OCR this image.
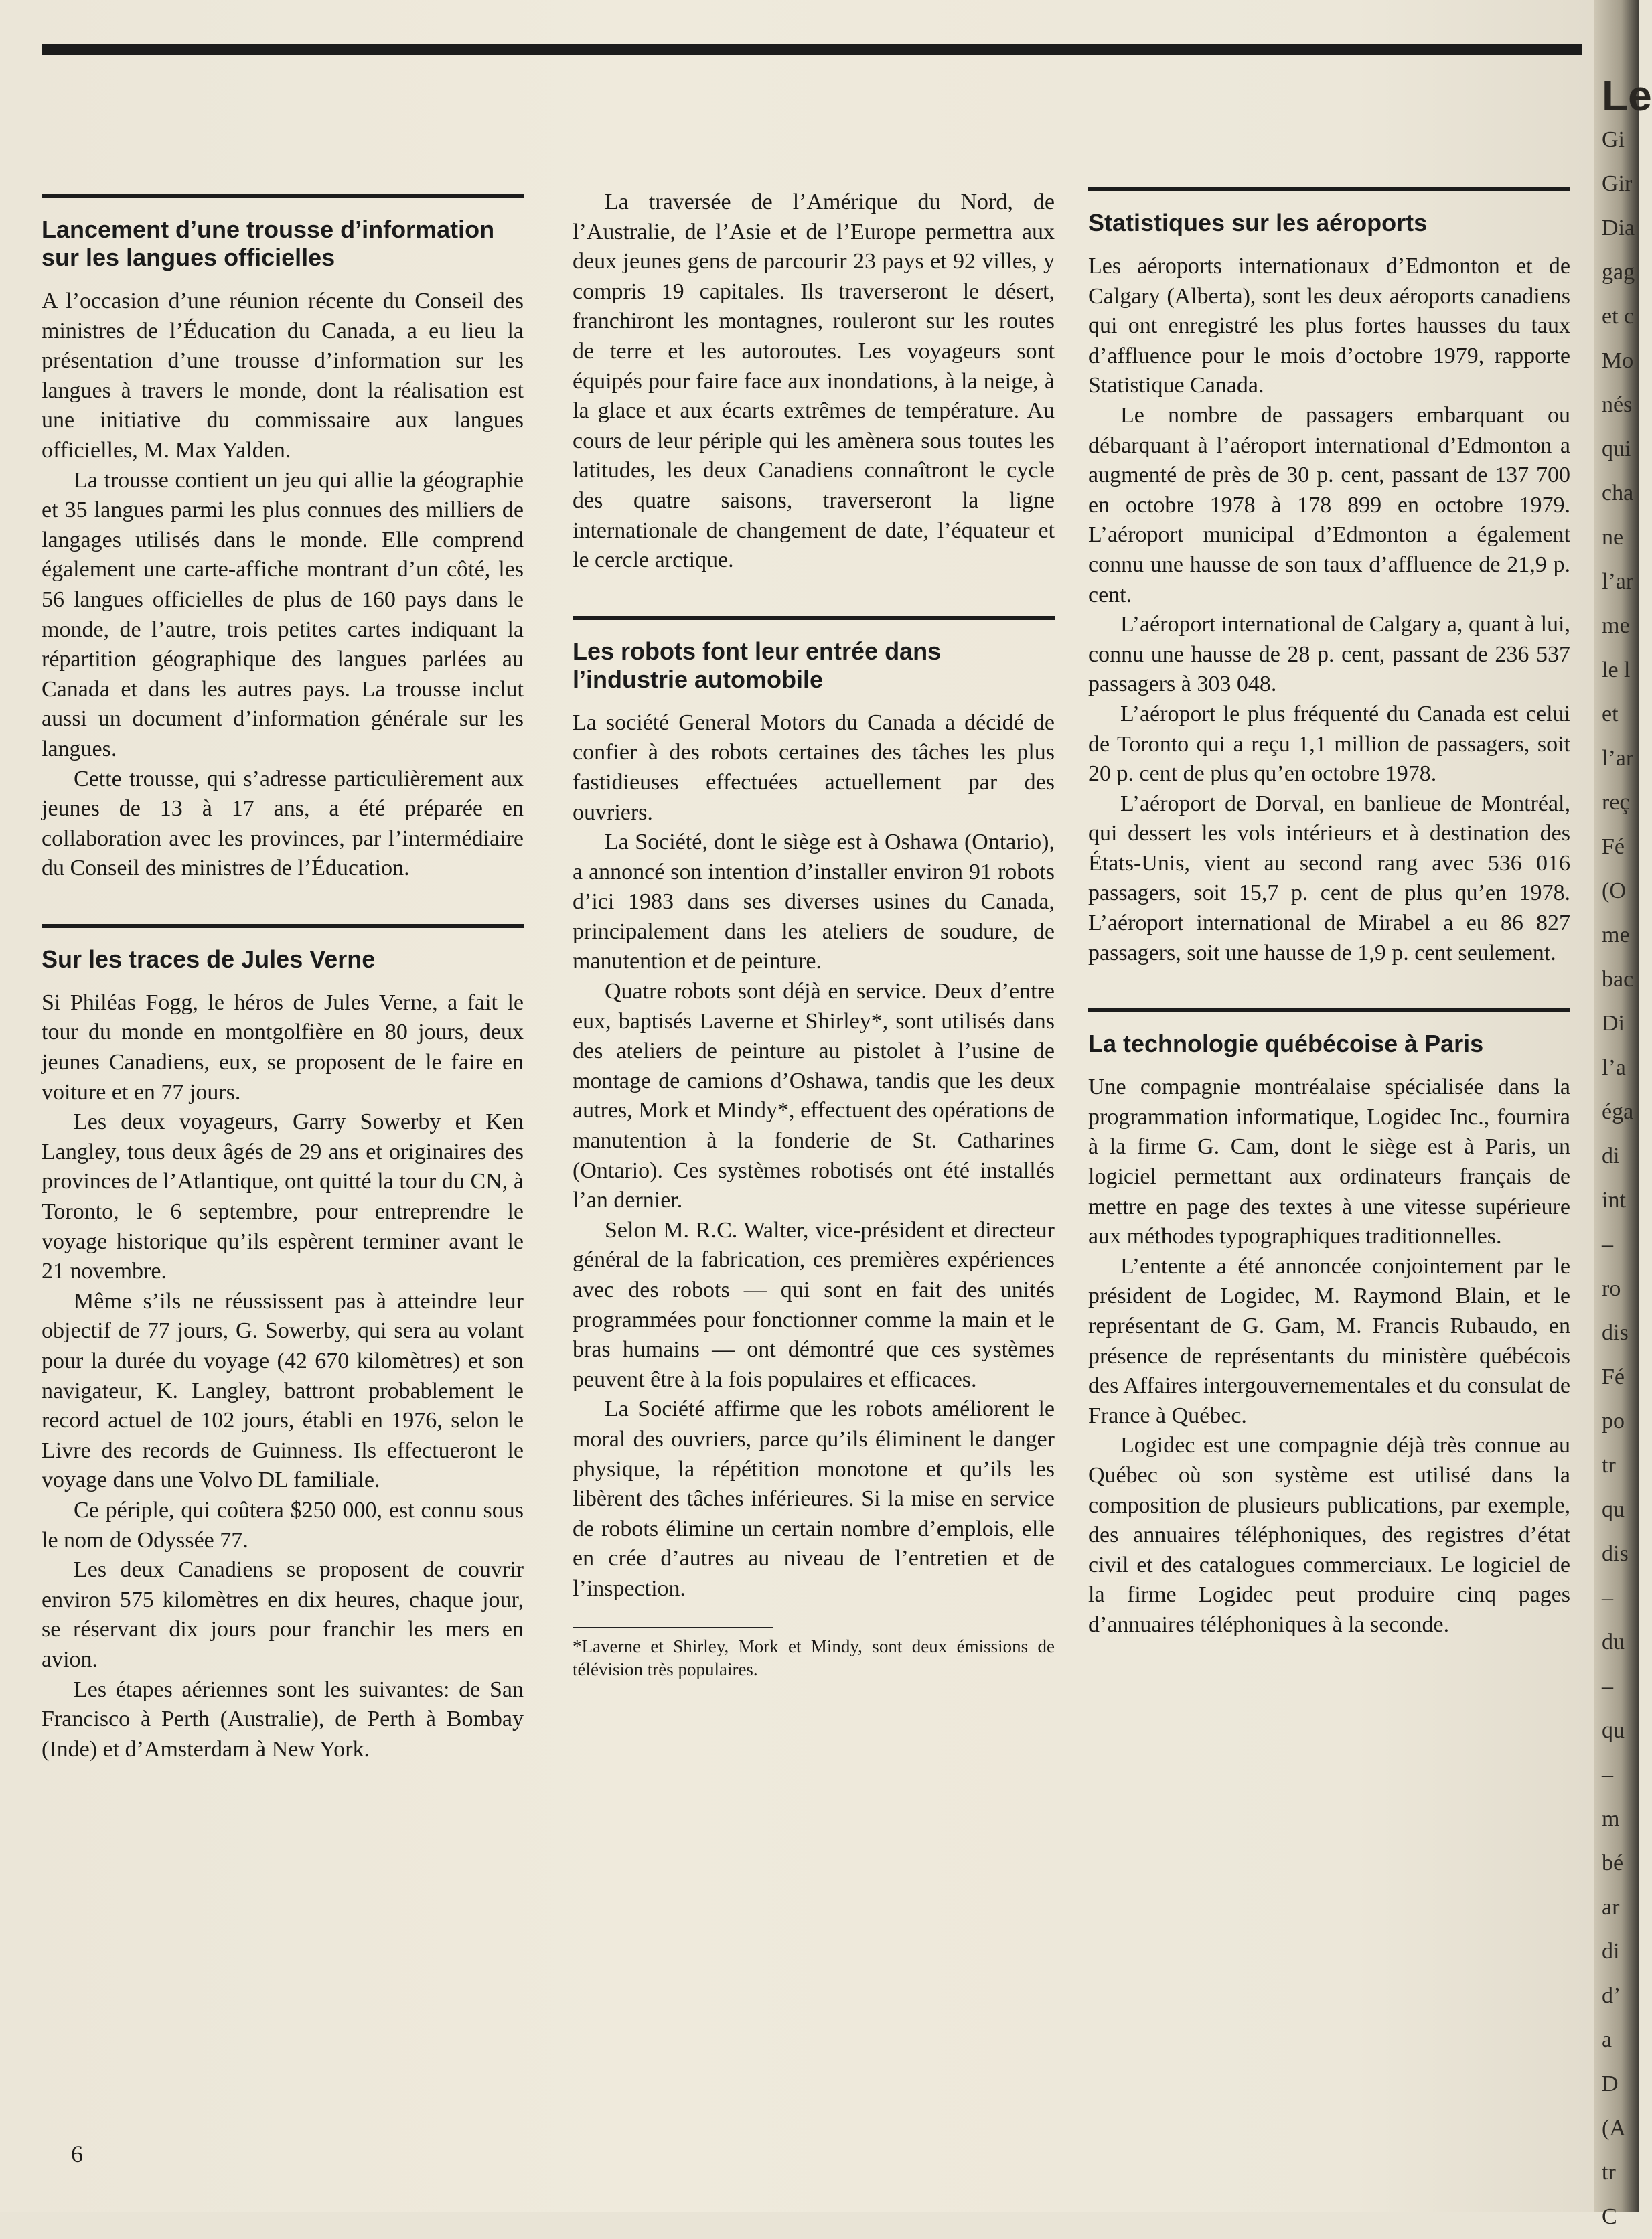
Lancement d’une trousse d’information sur les langues officielles

A l’occasion d’une réunion récente du Conseil des ministres de l’Éducation du Canada, a eu lieu la présentation d’une trousse d’information sur les langues à travers le monde, dont la réalisation est une initiative du commissaire aux langues officielles, M. Max Yalden.

La trousse contient un jeu qui allie la géographie et 35 langues parmi les plus connues des milliers de langages utilisés dans le monde. Elle comprend également une carte-affiche montrant d’un côté, les 56 langues officielles de plus de 160 pays dans le monde, de l’autre, trois petites cartes indiquant la répartition géographique des langues parlées au Canada et dans les autres pays. La trousse inclut aussi un document d’information générale sur les langues.

Cette trousse, qui s’adresse particulièrement aux jeunes de 13 à 17 ans, a été préparée en collaboration avec les provinces, par l’intermédiaire du Conseil des ministres de l’Éducation.

Sur les traces de Jules Verne

Si Philéas Fogg, le héros de Jules Verne, a fait le tour du monde en montgolfière en 80 jours, deux jeunes Canadiens, eux, se proposent de le faire en voiture et en 77 jours.

Les deux voyageurs, Garry Sowerby et Ken Langley, tous deux âgés de 29 ans et originaires des provinces de l’Atlantique, ont quitté la tour du CN, à Toronto, le 6 septembre, pour entreprendre le voyage historique qu’ils espèrent terminer avant le 21 novembre.

Même s’ils ne réussissent pas à atteindre leur objectif de 77 jours, G. Sowerby, qui sera au volant pour la durée du voyage (42 670 kilomètres) et son navigateur, K. Langley, battront probablement le record actuel de 102 jours, établi en 1976, selon le Livre des records de Guinness. Ils effectueront le voyage dans une Volvo DL familiale.

Ce périple, qui coûtera $250 000, est connu sous le nom de Odyssée 77.

Les deux Canadiens se proposent de couvrir environ 575 kilomètres en dix heures, chaque jour, se réservant dix jours pour franchir les mers en avion.

Les étapes aériennes sont les suivantes: de San Francisco à Perth (Australie), de Perth à Bombay (Inde) et d’Amsterdam à New York.

La traversée de l’Amérique du Nord, de l’Australie, de l’Asie et de l’Europe permettra aux deux jeunes gens de parcourir 23 pays et 92 villes, y compris 19 capitales. Ils traverseront le désert, franchiront les montagnes, rouleront sur les routes de terre et les autoroutes. Les voyageurs sont équipés pour faire face aux inondations, à la neige, à la glace et aux écarts extrêmes de température. Au cours de leur périple qui les amènera sous toutes les latitudes, les deux Canadiens connaîtront le cycle des quatre saisons, traverseront la ligne internationale de changement de date, l’équateur et le cercle arctique.

Les robots font leur entrée dans l’industrie automobile

La société General Motors du Canada a décidé de confier à des robots certaines des tâches les plus fastidieuses effectuées actuellement par des ouvriers.

La Société, dont le siège est à Oshawa (Ontario), a annoncé son intention d’installer environ 91 robots d’ici 1983 dans ses diverses usines du Canada, principalement dans les ateliers de soudure, de manutention et de peinture.

Quatre robots sont déjà en service. Deux d’entre eux, baptisés Laverne et Shirley*, sont utilisés dans des ateliers de peinture au pistolet à l’usine de montage de camions d’Oshawa, tandis que les deux autres, Mork et Mindy*, effectuent des opérations de manutention à la fonderie de St. Catharines (Ontario). Ces systèmes robotisés ont été installés l’an dernier.

Selon M. R.C. Walter, vice-président et directeur général de la fabrication, ces premières expériences avec des robots — qui sont en fait des unités programmées pour fonctionner comme la main et le bras humains — ont démontré que ces systèmes peuvent être à la fois populaires et efficaces.

La Société affirme que les robots améliorent le moral des ouvriers, parce qu’ils éliminent le danger physique, la répétition monotone et qu’ils les libèrent des tâches inférieures. Si la mise en service de robots élimine un certain nombre d’emplois, elle en crée d’autres au niveau de l’entretien et de l’inspection.

*Laverne et Shirley, Mork et Mindy, sont deux émissions de télévision très populaires.

Statistiques sur les aéroports

Les aéroports internationaux d’Edmonton et de Calgary (Alberta), sont les deux aéroports canadiens qui ont enregistré les plus fortes hausses du taux d’affluence pour le mois d’octobre 1979, rapporte Statistique Canada.

Le nombre de passagers embarquant ou débarquant à l’aéroport international d’Edmonton a augmenté de près de 30 p. cent, passant de 137 700 en octobre 1978 à 178 899 en octobre 1979. L’aéroport municipal d’Edmonton a également connu une hausse de son taux d’affluence de 21,9 p. cent.

L’aéroport international de Calgary a, quant à lui, connu une hausse de 28 p. cent, passant de 236 537 passagers à 303 048.

L’aéroport le plus fréquenté du Canada est celui de Toronto qui a reçu 1,1 million de passagers, soit 20 p. cent de plus qu’en octobre 1978.

L’aéroport de Dorval, en banlieue de Montréal, qui dessert les vols intérieurs et à destination des États-Unis, vient au second rang avec 536 016 passagers, soit 15,7 p. cent de plus qu’en 1978. L’aéroport international de Mirabel a eu 86 827 passagers, soit une hausse de 1,9 p. cent seulement.

La technologie québécoise à Paris

Une compagnie montréalaise spécialisée dans la programmation informatique, Logidec Inc., fournira à la firme G. Cam, dont le siège est à Paris, un logiciel permettant aux ordinateurs français de mettre en page des textes à une vitesse supérieure aux méthodes typographiques traditionnelles.

L’entente a été annoncée conjointement par le président de Logidec, M. Raymond Blain, et le représentant de G. Gam, M. Francis Rubaudo, en présence de représentants du ministère québécois des Affaires intergouvernementales et du consulat de France à Québec.

Logidec est une compagnie déjà très connue au Québec où son système est utilisé dans la composition de plusieurs publications, par exemple, des annuaires téléphoniques, des registres d’état civil et des catalogues commerciaux. Le logiciel de la firme Logidec peut produire cinq pages d’annuaires téléphoniques à la seconde.

6
Le
Gi
Gir
Dia
gag
et c
Mo
nés
qui
cha
ne
l’ar
me
le l
et
l’ar
reç
Fé
(O
me
bac
Di
l’a
éga
di
int
–
ro
dis
Fé
po
tr
qu
dis
–
du
–
qu
–
m
bé
ar
di
d’
a
D
(A
tr
C
